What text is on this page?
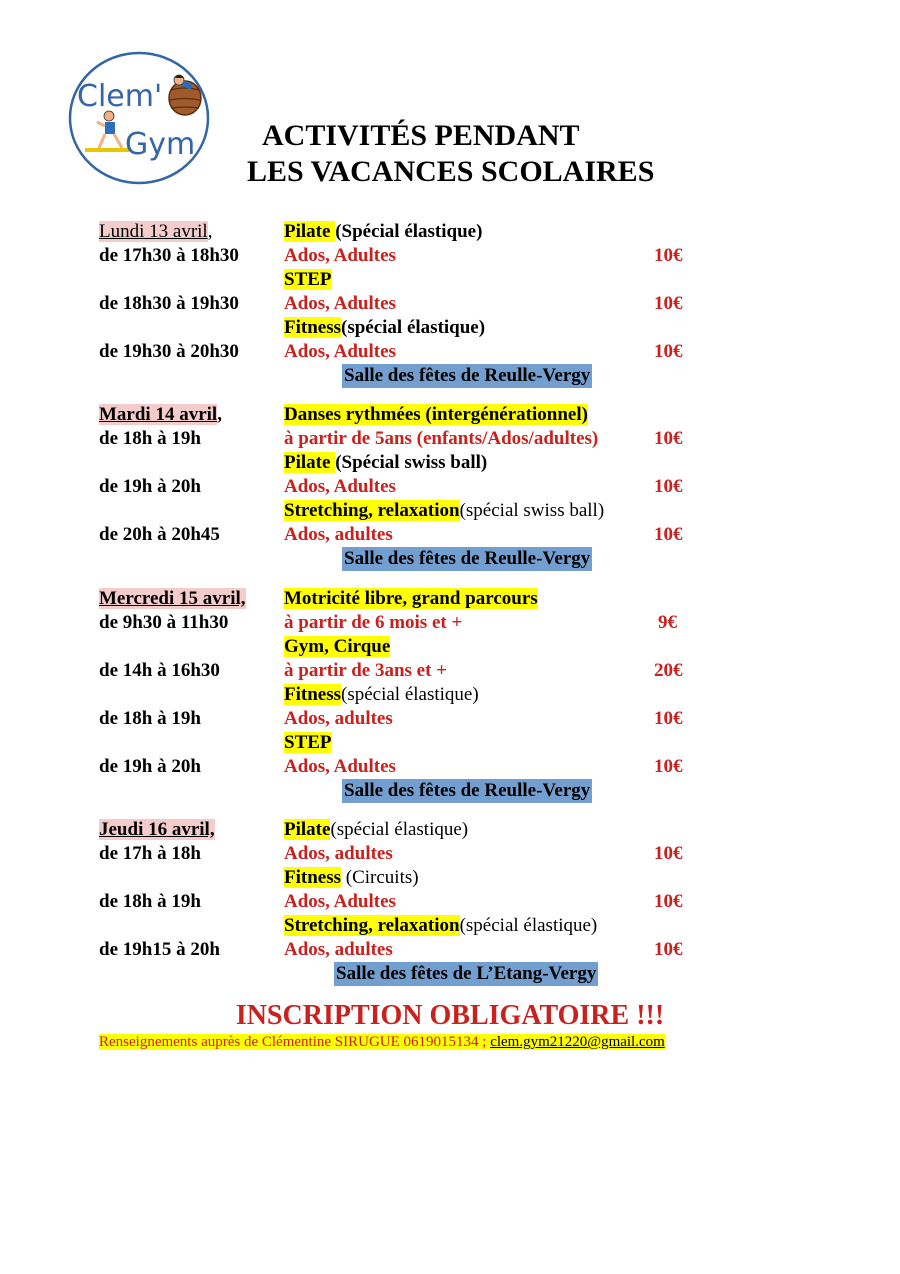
Clem'
Gym	ACTIVITÉS PENDANT
LES VACANCES SCOLAIRES
Lundi 13 avril,	Pilate (Spécial élastique)
de 17h30 à 18h30 Ados, Adultes	10€
STEP
de 18h30 à 19h30 Ados, Adultes	10€
Fitness(spécial élastique)
de 19h30 à 20h30 Ados, Adultes	10€
Salle des fêtes de Reulle-Vergy
Mardi 14 avril,	Danses rythmées (intergénérationnel)
de 18h à 19h	à partir de 5ans (enfants/Ados/adultes)	10€
Pilate (Spécial swiss ball)
de 19h à 20h	Ados, Adultes	10€
Stretching, relaxation(spécial swiss ball)
de 20h à 20h45	Ados, adultes	10€
Salle des fêtes de Reulle-Vergy
Mercredi 15 avril, Motricité libre, grand parcours
de 9h30 à 11h30	à partir de 6 mois et +	9€
Gym, Cirque
de 14h à 16h30	à partir de 3ans et +	20€
Fitness(spécial élastique)
de 18h à 19h	Ados, adultes	10€
STEP
de 19h à 20h	Ados, Adultes	10€
Salle des fêtes de Reulle-Vergy
Jeudi 16 avril,	Pilate(spécial élastique)
de 17h à 18h	Ados, adultes	10€
Fitness (Circuits)
de 18h à 19h	Ados, Adultes	10€
Stretching, relaxation(spécial élastique)
de 19h15 à 20h	Ados, adultes	10€
Salle des fêtes de L’Etang-Vergy
INSCRIPTION OBLIGATOIRE !!!
Renseignements auprès de Clémentine SIRUGUE 0619015134 ; clem.gym21220@gmail.com
